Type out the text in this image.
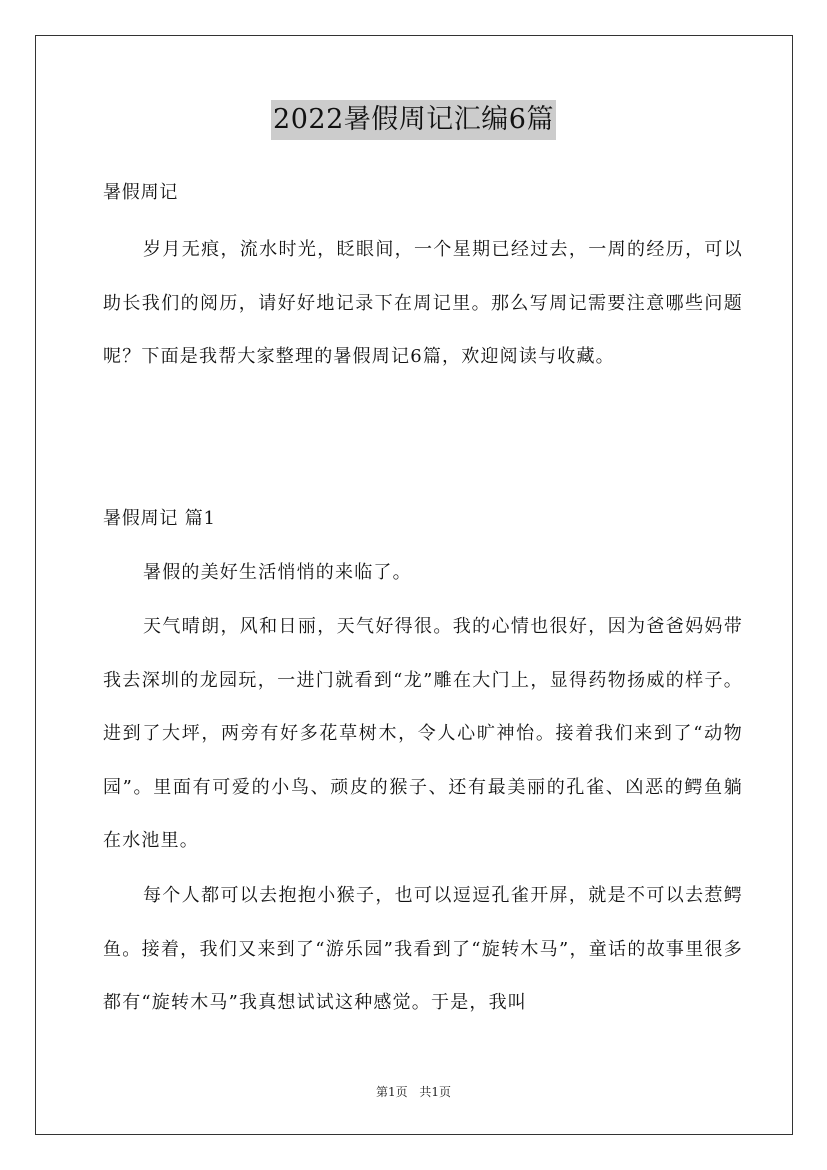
2022暑假周记汇编6篇
暑假周记

岁月无痕，流水时光，眨眼间，一个星期已经过去，一周的经历，可以助长我们的阅历，请好好地记录下在周记里。那么写周记需要注意哪些问题呢？下面是我帮大家整理的暑假周记6篇，欢迎阅读与收藏。

暑假周记 篇1

暑假的美好生活悄悄的来临了。

天气晴朗，风和日丽，天气好得很。我的心情也很好，因为爸爸妈妈带我去深圳的龙园玩，一进门就看到“龙”雕在大门上，显得药物扬威的样子。进到了大坪，两旁有好多花草树木，令人心旷神怡。接着我们来到了“动物园”。里面有可爱的小鸟、顽皮的猴子、还有最美丽的孔雀、凶恶的鳄鱼躺在水池里。

每个人都可以去抱抱小猴子，也可以逗逗孔雀开屏，就是不可以去惹鳄鱼。接着，我们又来到了“游乐园”我看到了“旋转木马”，童话的故事里很多都有“旋转木马”我真想试试这种感觉。于是，我叫

第1页 共1页
